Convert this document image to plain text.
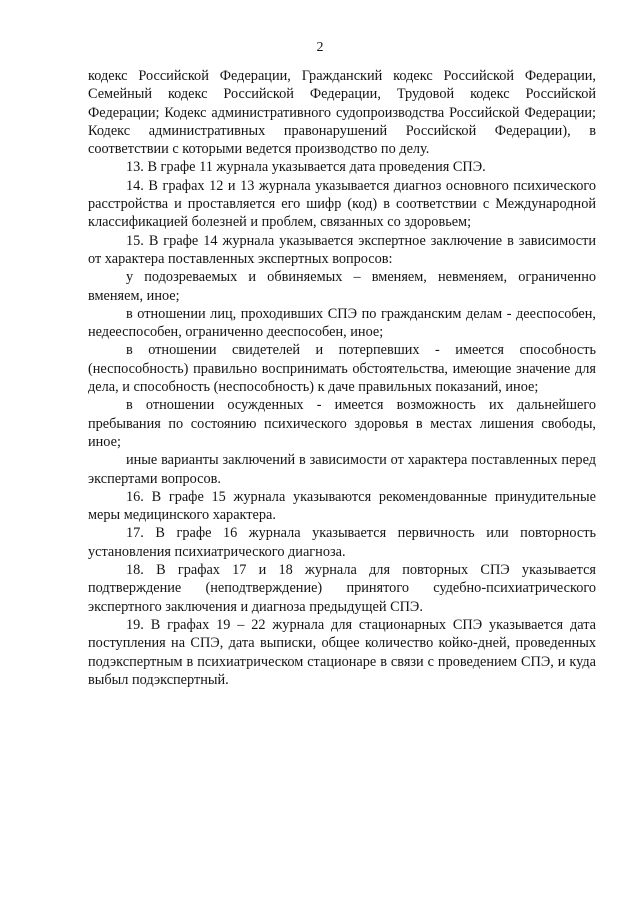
2

кодекс Российской Федерации, Гражданский кодекс Российской Федерации, Семейный кодекс Российской Федерации, Трудовой кодекс Российской Федерации; Кодекс административного судопроизводства Российской Федерации; Кодекс административных правонарушений Российской Федерации), в соответствии с которыми ведется производство по делу.

13. В графе 11 журнала указывается дата проведения СПЭ.

14. В графах 12 и 13 журнала указывается диагноз основного психического расстройства и проставляется его шифр (код) в соответствии с Международной классификацией болезней и проблем, связанных со здоровьем;

15. В графе 14 журнала указывается экспертное заключение в зависимости от характера поставленных экспертных вопросов:

у подозреваемых и обвиняемых – вменяем, невменяем, ограниченно вменяем, иное;

в отношении лиц, проходивших СПЭ по гражданским делам - дееспособен, недееспособен, ограниченно дееспособен, иное;

в отношении свидетелей и потерпевших - имеется способность (неспособность) правильно воспринимать обстоятельства, имеющие значение для дела, и способность (неспособность) к даче правильных показаний, иное;

в отношении осужденных - имеется возможность их дальнейшего пребывания по состоянию психического здоровья в местах лишения свободы, иное;

иные варианты заключений в зависимости от характера поставленных перед экспертами вопросов.

16. В графе 15 журнала указываются рекомендованные принудительные меры медицинского характера.

17. В графе 16 журнала указывается первичность или повторность установления психиатрического диагноза.

18. В графах 17 и 18 журнала для повторных СПЭ указывается подтверждение (неподтверждение) принятого судебно-психиатрического экспертного заключения и диагноза предыдущей СПЭ.

19. В графах 19 – 22 журнала для стационарных СПЭ указывается дата поступления на СПЭ, дата выписки, общее количество койко-дней, проведенных подэкспертным в психиатрическом стационаре в связи с проведением СПЭ, и куда выбыл подэкспертный.
